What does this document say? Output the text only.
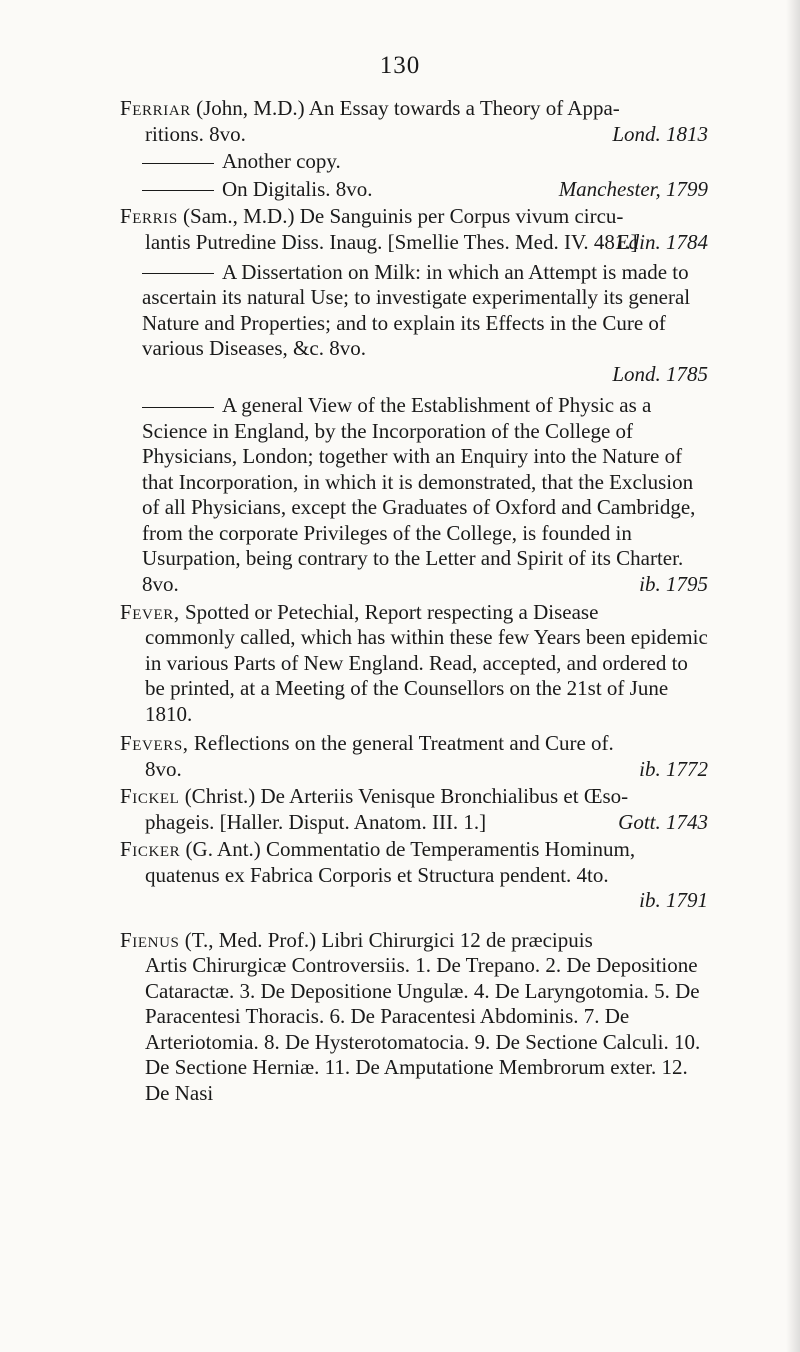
130

Ferriar (John, M.D.) An Essay towards a Theory of Appa-
ritions. 8vo.	Lond. 1813

Another copy.

On Digitalis. 8vo.	Manchester, 1799

Ferris (Sam., M.D.) De Sanguinis per Corpus vivum circu-
lantis Putredine Diss. Inaug. [Smellie Thes. Med. IV. 481.]
Edin. 1784

A Dissertation on Milk: in which an Attempt is made to ascertain its natural Use; to investigate experimentally its general Nature and Properties; and to explain its Effects in the Cure of various Diseases, &c. 8vo.
Lond. 1785

A general View of the Establishment of Physic as a Science in England, by the Incorporation of the College of Physicians, London; together with an Enquiry into the Nature of that Incorporation, in which it is demonstrated, that the Exclusion of all Physicians, except the Graduates of Oxford and Cambridge, from the corporate Privileges of the College, is founded in Usurpation, being contrary to the Letter and Spirit of its Charter. 8vo.	ib. 1795

Fever, Spotted or Petechial, Report respecting a Disease
commonly called, which has within these few Years been epidemic in various Parts of New England. Read, accepted, and ordered to be printed, at a Meeting of the Counsellors on the 21st of June 1810.

Fevers, Reflections on the general Treatment and Cure of.
8vo.	ib. 1772

Fickel (Christ.) De Arteriis Venisque Bronchialibus et Œso-
phageis. [Haller. Disput. Anatom. III. 1.]	Gott. 1743

Ficker (G. Ant.) Commentatio de Temperamentis Hominum,
quatenus ex Fabrica Corporis et Structura pendent. 4to.
ib. 1791

Fienus (T., Med. Prof.) Libri Chirurgici 12 de præcipuis
Artis Chirurgicæ Controversiis. 1. De Trepano. 2. De Depositione Cataractæ. 3. De Depositione Ungulæ. 4. De Laryngotomia. 5. De Paracentesi Thoracis. 6. De Paracentesi Abdominis. 7. De Arteriotomia. 8. De Hysterotomatocia. 9. De Sectione Calculi. 10. De Sectione Herniæ. 11. De Amputatione Membrorum exter. 12. De Nasi
